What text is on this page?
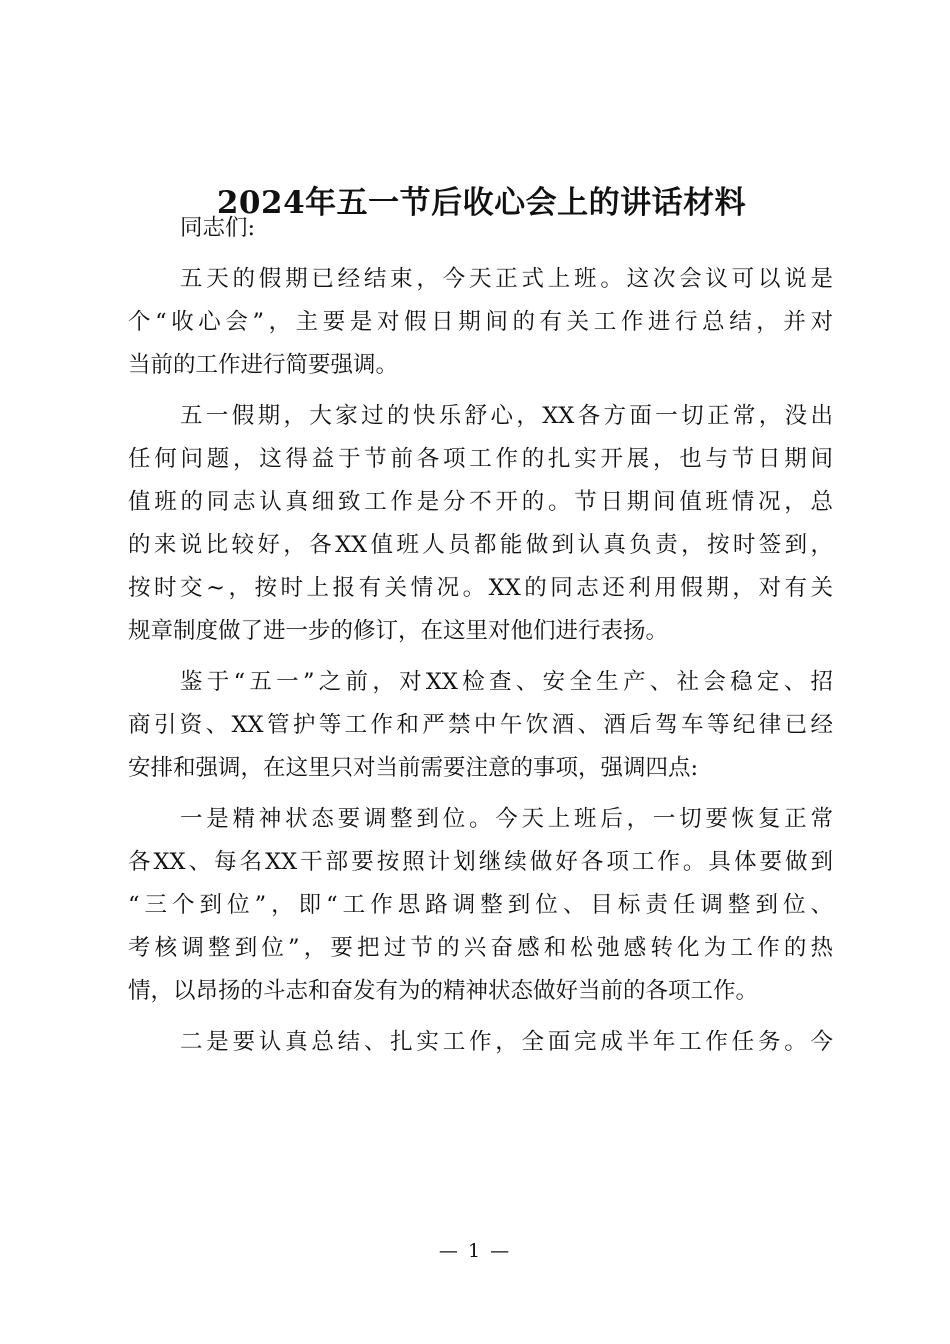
2024年五一节后收心会上的讲话材料
同志们:
五天的假期已经结束，今天正式上班。这次会议可以说是
个“收心会”，主要是对假日期间的有关工作进行总结，并对
当前的工作进行简要强调。
五一假期，大家过的快乐舒心，XX各方面一切正常，没出
任何问题，这得益于节前各项工作的扎实开展，也与节日期间
值班的同志认真细致工作是分不开的。节日期间值班情况，总
的来说比较好，各XX值班人员都能做到认真负责，按时签到，
按时交~，按时上报有关情况。XX的同志还利用假期，对有关
规章制度做了进一步的修订，在这里对他们进行表扬。
鉴于“五一”之前，对XX检查、安全生产、社会稳定、招
商引资、XX管护等工作和严禁中午饮酒、酒后驾车等纪律已经
安排和强调，在这里只对当前需要注意的事项，强调四点:
一是精神状态要调整到位。今天上班后，一切要恢复正常
各XX、每名XX干部要按照计划继续做好各项工作。具体要做到
“三个到位”，即“工作思路调整到位、目标责任调整到位、
考核调整到位”，要把过节的兴奋感和松弛感转化为工作的热
情，以昂扬的斗志和奋发有为的精神状态做好当前的各项工作。
二是要认真总结、扎实工作，全面完成半年工作任务。今
— 1 —
